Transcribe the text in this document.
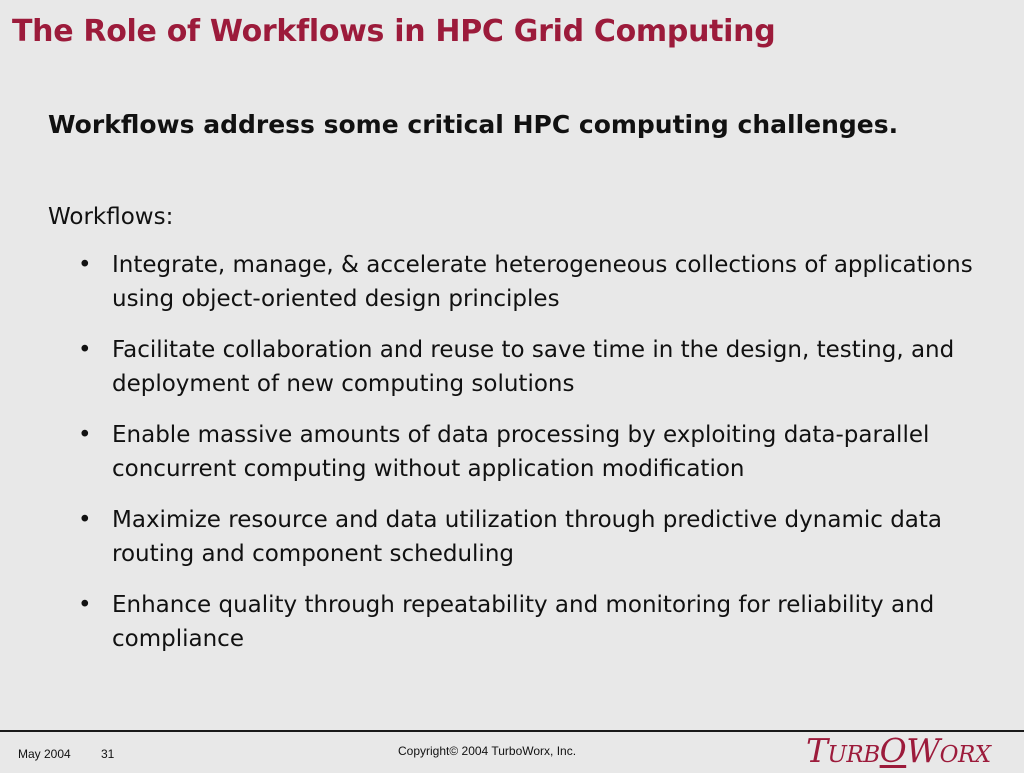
The Role of Workflows in HPC Grid Computing

Workflows address some critical HPC computing challenges.

Workflows:

• Integrate, manage, & accelerate heterogeneous collections of applications using object-oriented design principles
• Facilitate collaboration and reuse to save time in the design, testing, and deployment of new computing solutions
• Enable massive amounts of data processing by exploiting data-parallel concurrent computing without application modification
• Maximize resource and data utilization through predictive dynamic data routing and component scheduling
• Enhance quality through repeatability and monitoring for reliability and compliance
May 2004	31	Copyright© 2004 TurboWorx, Inc.	TURBOWORX
